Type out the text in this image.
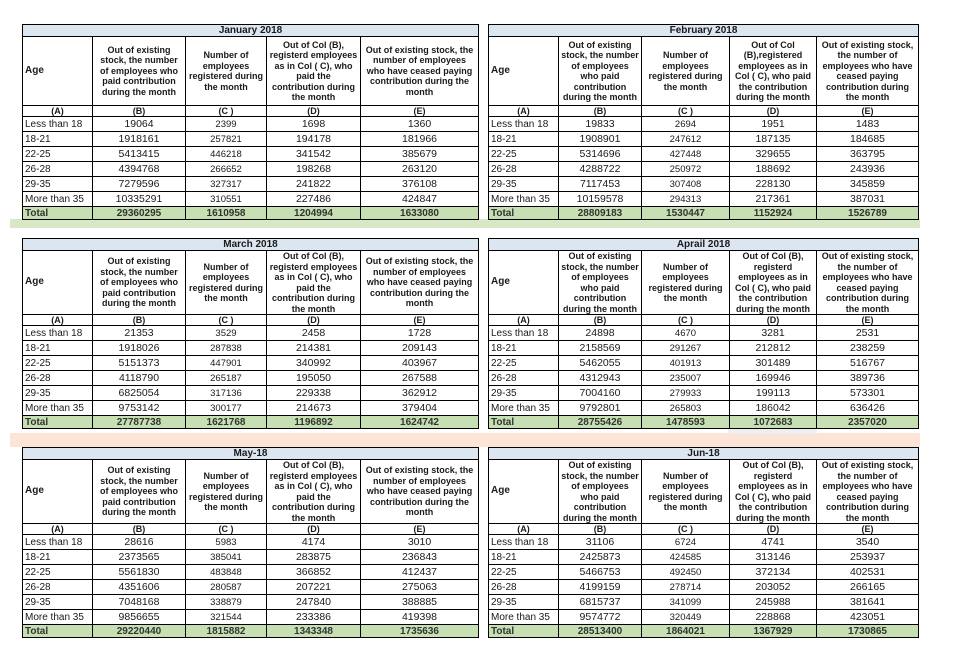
January 2018				
Age	Out of existing stock, the number of employees who paid contribution during the month	Number of employees registered during the month	Out of Col (B), registerd employees as in Col ( C), who paid the contribution during the month	Out of existing stock, the number of employees who have ceased paying contribution during the month
(A)	(B)	(C )	(D)	(E)
Less than 18	19064	2399	1698	1360
18-21	1918161	257821	194178	181966
22-25	5413415	446218	341542	385679
26-28	4394768	266652	198268	263120
29-35	7279596	327317	241822	376108
More than 35	10335291	310551	227486	424847
Total	29360295	1610958	1204994	1633080
February 2018				
Age	Out of existing stock, the number of employees who paid contribution during the month	Number of employees registered during the month	Out of Col (B),registered employees as in Col ( C), who paid the contribution during the month	Out of existing stock, the number of employees who have ceased paying contribution during the month
(A)	(B)	(C )	(D)	(E)
Less than 18	19833	2694	1951	1483
18-21	1908901	247612	187135	184685
22-25	5314696	427448	329655	363795
26-28	4288722	250972	188692	243936
29-35	7117453	307408	228130	345859
More than 35	10159578	294313	217361	387031
Total	28809183	1530447	1152924	1526789
March 2018				
Age	Out of existing stock, the number of employees who paid contribution during the month	Number of employees registered during the month	Out of Col (B), registerd employees as in Col ( C), who paid the contribution during the month	Out of existing stock, the number of employees who have ceased paying contribution during the month
(A)	(B)	(C )	(D)	(E)
Less than 18	21353	3529	2458	1728
18-21	1918026	287838	214381	209143
22-25	5151373	447901	340992	403967
26-28	4118790	265187	195050	267588
29-35	6825054	317136	229338	362912
More than 35	9753142	300177	214673	379404
Total	27787738	1621768	1196892	1624742
Aprail 2018				
Age	Out of existing stock, the number of employees who paid contribution during the month	Number of employees registered during the month	Out of Col (B), registerd employees as in Col ( C), who paid the contribution during the month	Out of existing stock, the number of employees who have ceased paying contribution during the month
(A)	(B)	(C )	(D)	(E)
Less than 18	24898	4670	3281	2531
18-21	2158569	291267	212812	238259
22-25	5462055	401913	301489	516767
26-28	4312943	235007	169946	389736
29-35	7004160	279933	199113	573301
More than 35	9792801	265803	186042	636426
Total	28755426	1478593	1072683	2357020
May-18				
Age	Out of existing stock, the number of employees who paid contribution during the month	Number of employees registered during the month	Out of Col (B), registerd employees as in Col ( C), who paid the contribution during the month	Out of existing stock, the number of employees who have ceased paying contribution during the month
(A)	(B)	(C )	(D)	(E)
Less than 18	28616	5983	4174	3010
18-21	2373565	385041	283875	236843
22-25	5561830	483848	366852	412437
26-28	4351606	280587	207221	275063
29-35	7048168	338879	247840	388885
More than 35	9856655	321544	233386	419398
Total	29220440	1815882	1343348	1735636
Jun-18				
Age	Out of existing stock, the number of employees who paid contribution during the month	Number of employees registered during the month	Out of Col (B), registerd employees as in Col ( C), who paid the contribution during the month	Out of existing stock, the number of employees who have ceased paying contribution during the month
(A)	(B)	(C )	(D)	(E)
Less than 18	31106	6724	4741	3540
18-21	2425873	424585	313146	253937
22-25	5466753	492450	372134	402531
26-28	4199159	278714	203052	266165
29-35	6815737	341099	245988	381641
More than 35	9574772	320449	228868	423051
Total	28513400	1864021	1367929	1730865
